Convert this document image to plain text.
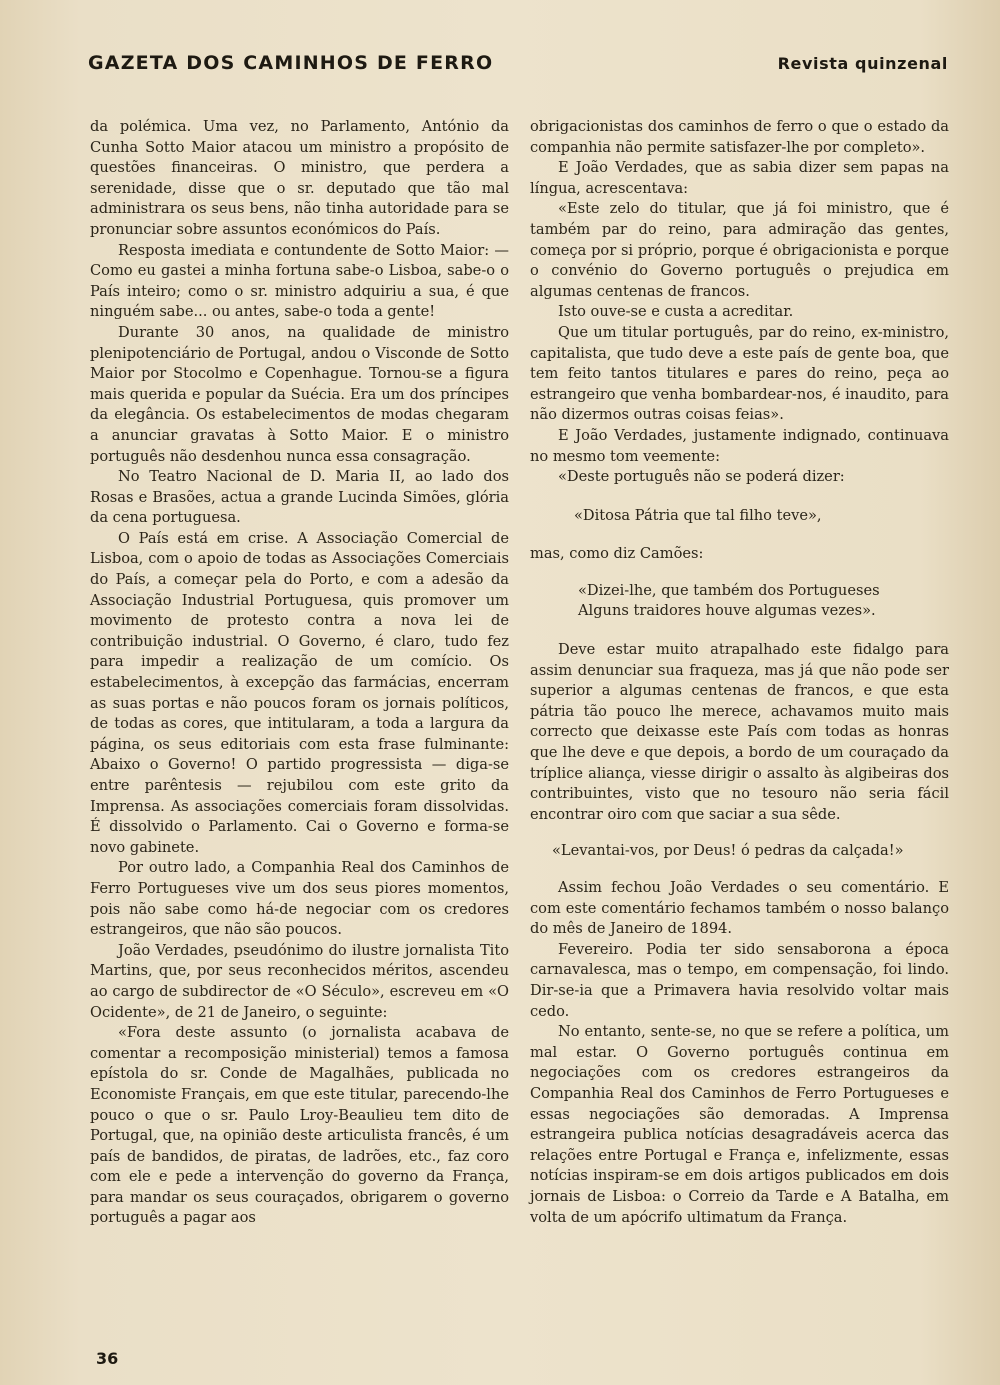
GAZETA DOS CAMINHOS DE FERRO	Revista quinzenal

da polémica. Uma vez, no Parlamento, António da Cunha Sotto Maior atacou um ministro a propósito de questões financeiras. O ministro, que perdera a serenidade, disse que o sr. deputado que tão mal administrara os seus bens, não tinha autoridade para se pronunciar sobre assuntos económicos do País.

Resposta imediata e contundente de Sotto Maior: — Como eu gastei a minha fortuna sabe-o Lisboa, sabe-o o País inteiro; como o sr. ministro adquiriu a sua, é que ninguém sabe... ou antes, sabe-o toda a gente!

Durante 30 anos, na qualidade de ministro plenipotenciário de Portugal, andou o Visconde de Sotto Maior por Stocolmo e Copenhague. Tornou-se a figura mais querida e popular da Suécia. Era um dos príncipes da elegância. Os estabelecimentos de modas chegaram a anunciar gravatas à Sotto Maior. E o ministro português não desdenhou nunca essa consagração.

No Teatro Nacional de D. Maria II, ao lado dos Rosas e Brasões, actua a grande Lucinda Simões, glória da cena portuguesa.

O País está em crise. A Associação Comercial de Lisboa, com o apoio de todas as Associações Comerciais do País, a começar pela do Porto, e com a adesão da Associação Industrial Portuguesa, quis promover um movimento de protesto contra a nova lei de contribuição industrial. O Governo, é claro, tudo fez para impedir a realização de um comício. Os estabelecimentos, à excepção das farmácias, encerram as suas portas e não poucos foram os jornais políticos, de todas as cores, que intitularam, a toda a largura da página, os seus editoriais com esta frase fulminante: Abaixo o Governo! O partido progressista — diga-se entre parêntesis — rejubilou com este grito da Imprensa. As associações comerciais foram dissolvidas. É dissolvido o Parlamento. Cai o Governo e forma-se novo gabinete.

Por outro lado, a Companhia Real dos Caminhos de Ferro Portugueses vive um dos seus piores momentos, pois não sabe como há-de negociar com os credores estrangeiros, que não são poucos.

João Verdades, pseudónimo do ilustre jornalista Tito Martins, que, por seus reconhecidos méritos, ascendeu ao cargo de subdirector de «O Século», escreveu em «O Ocidente», de 21 de Janeiro, o seguinte:

«Fora deste assunto (o jornalista acabava de comentar a recomposição ministerial) temos a famosa epístola do sr. Conde de Magalhães, publicada no Economiste Français, em que este titular, parecendo-lhe pouco o que o sr. Paulo Lroy-Beaulieu tem dito de Portugal, que, na opinião deste articulista francês, é um país de bandidos, de piratas, de ladrões, etc., faz coro com ele e pede a intervenção do governo da França, para mandar os seus couraçados, obrigarem o governo português a pagar aos

obrigacionistas dos caminhos de ferro o que o estado da companhia não permite satisfazer-lhe por completo».

E João Verdades, que as sabia dizer sem papas na língua, acrescentava:

«Este zelo do titular, que já foi ministro, que é também par do reino, para admiração das gentes, começa por si próprio, porque é obrigacionista e porque o convénio do Governo português o prejudica em algumas centenas de francos.

Isto ouve-se e custa a acreditar.

Que um titular português, par do reino, ex-ministro, capitalista, que tudo deve a este país de gente boa, que tem feito tantos titulares e pares do reino, peça ao estrangeiro que venha bombardear-nos, é inaudito, para não dizermos outras coisas feias».

E João Verdades, justamente indignado, continuava no mesmo tom veemente:

«Deste português não se poderá dizer:

«Ditosa Pátria que tal filho teve»,

mas, como diz Camões:

«Dizei-lhe, que também dos Portugueses
Alguns traidores houve algumas vezes».

Deve estar muito atrapalhado este fidalgo para assim denunciar sua fraqueza, mas já que não pode ser superior a algumas centenas de francos, e que esta pátria tão pouco lhe merece, achavamos muito mais correcto que deixasse este País com todas as honras que lhe deve e que depois, a bordo de um couraçado da tríplice aliança, viesse dirigir o assalto às algibeiras dos contribuintes, visto que no tesouro não seria fácil encontrar oiro com que saciar a sua sêde.

«Levantai-vos, por Deus! ó pedras da calçada!»

Assim fechou João Verdades o seu comentário. E com este comentário fechamos também o nosso balanço do mês de Janeiro de 1894.

Fevereiro. Podia ter sido sensaborona a época carnavalesca, mas o tempo, em compensação, foi lindo. Dir-se-ia que a Primavera havia resolvido voltar mais cedo.

No entanto, sente-se, no que se refere a política, um mal estar. O Governo português continua em negociações com os credores estrangeiros da Companhia Real dos Caminhos de Ferro Portugueses e essas negociações são demoradas. A Imprensa estrangeira publica notícias desagradáveis acerca das relações entre Portugal e França e, infelizmente, essas notícias inspiram-se em dois artigos publicados em dois jornais de Lisboa: o Correio da Tarde e A Batalha, em volta de um apócrifo ultimatum da França.

36
